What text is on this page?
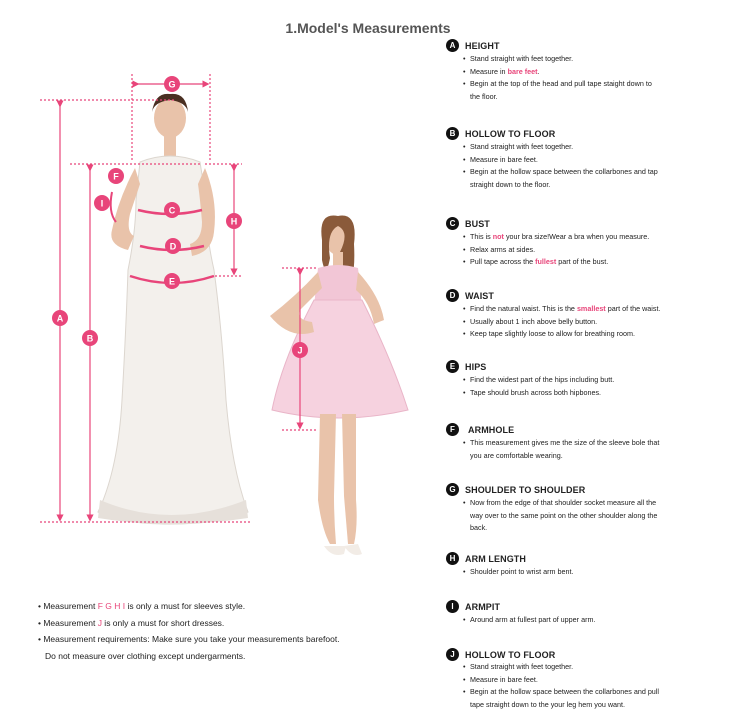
1.Model's Measurements
G
F
I
C
H
D
E
A
B
J
A	HEIGHT
• Stand straight with feet together.
• Measure in bare feet.
• Begin at the top of the head and pull tape staight down to
the floor.
B	HOLLOW TO FLOOR
• Stand straight with feet together.
• Measure in bare feet.
• Begin at the hollow space between the collarbones and tap
straight down to the floor.
C	BUST
• This is not your bra size!Wear a bra when you measure.
• Relax arms at sides.
• Pull tape across the fullest part of the bust.
D	WAIST
• Find the natural waist. This is the smallest part of the waist.
• Usually about 1 inch above belly button.
• Keep tape slightly loose to allow for breathing room.
E	HIPS
• Find the widest part of the hips including butt.
• Tape should brush across both hipbones.
F	ARMHOLE
• This measurement gives me the size of the sleeve bole that
you are comfortable wearing.
G	SHOULDER TO SHOULDER
• Now from the edge of that shoulder socket measure all the
way over to the same point on the other shoulder along the
back.
H	ARM LENGTH
• Shoulder point to wrist arm bent.
I	ARMPIT
• Around arm at fullest part of upper arm.
J	HOLLOW TO FLOOR
• Stand straight with feet together.
• Measure in bare feet.
• Begin at the hollow space between the collarbones and pull
tape straight down to the your leg hem you want.
• Measurement F G H I is only a must for sleeves style.
• Measurement J is only a must for short dresses.
• Measurement requirements: Make sure you take your measurements barefoot.
Do not measure over clothing except undergarments.
